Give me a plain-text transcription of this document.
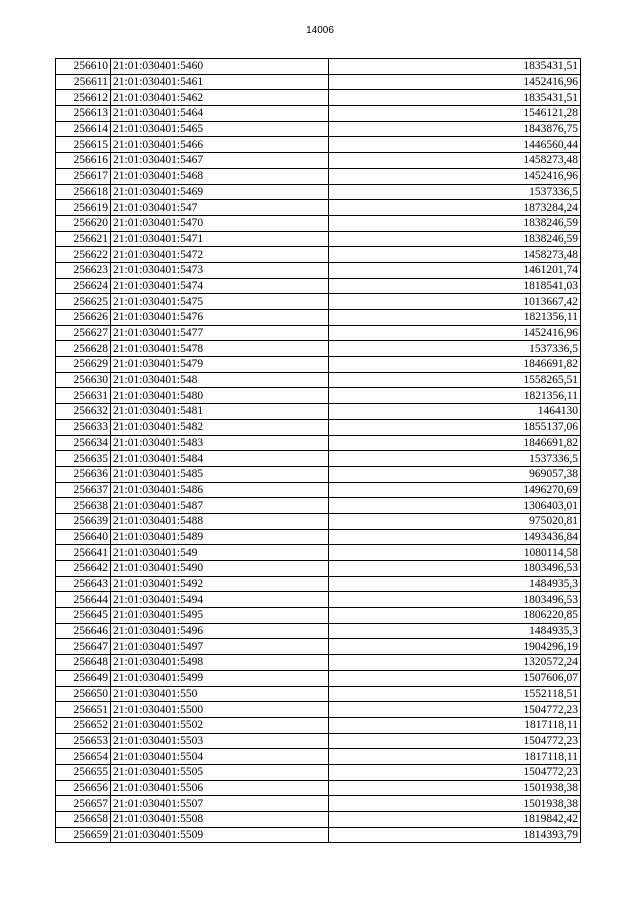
14006
256610	21:01:030401:5460	1835431,51
256611	21:01:030401:5461	1452416,96
256612	21:01:030401:5462	1835431,51
256613	21:01:030401:5464	1546121,28
256614	21:01:030401:5465	1843876,75
256615	21:01:030401:5466	1446560,44
256616	21:01:030401:5467	1458273,48
256617	21:01:030401:5468	1452416,96
256618	21:01:030401:5469	1537336,5
256619	21:01:030401:547	1873284,24
256620	21:01:030401:5470	1838246,59
256621	21:01:030401:5471	1838246,59
256622	21:01:030401:5472	1458273,48
256623	21:01:030401:5473	1461201,74
256624	21:01:030401:5474	1818541,03
256625	21:01:030401:5475	1013667,42
256626	21:01:030401:5476	1821356,11
256627	21:01:030401:5477	1452416,96
256628	21:01:030401:5478	1537336,5
256629	21:01:030401:5479	1846691,82
256630	21:01:030401:548	1558265,51
256631	21:01:030401:5480	1821356,11
256632	21:01:030401:5481	1464130
256633	21:01:030401:5482	1855137,06
256634	21:01:030401:5483	1846691,82
256635	21:01:030401:5484	1537336,5
256636	21:01:030401:5485	969057,38
256637	21:01:030401:5486	1496270,69
256638	21:01:030401:5487	1306403,01
256639	21:01:030401:5488	975020,81
256640	21:01:030401:5489	1493436,84
256641	21:01:030401:549	1080114,58
256642	21:01:030401:5490	1803496,53
256643	21:01:030401:5492	1484935,3
256644	21:01:030401:5494	1803496,53
256645	21:01:030401:5495	1806220,85
256646	21:01:030401:5496	1484935,3
256647	21:01:030401:5497	1904296,19
256648	21:01:030401:5498	1320572,24
256649	21:01:030401:5499	1507606,07
256650	21:01:030401:550	1552118,51
256651	21:01:030401:5500	1504772,23
256652	21:01:030401:5502	1817118,11
256653	21:01:030401:5503	1504772,23
256654	21:01:030401:5504	1817118,11
256655	21:01:030401:5505	1504772,23
256656	21:01:030401:5506	1501938,38
256657	21:01:030401:5507	1501938,38
256658	21:01:030401:5508	1819842,42
256659	21:01:030401:5509	1814393,79
